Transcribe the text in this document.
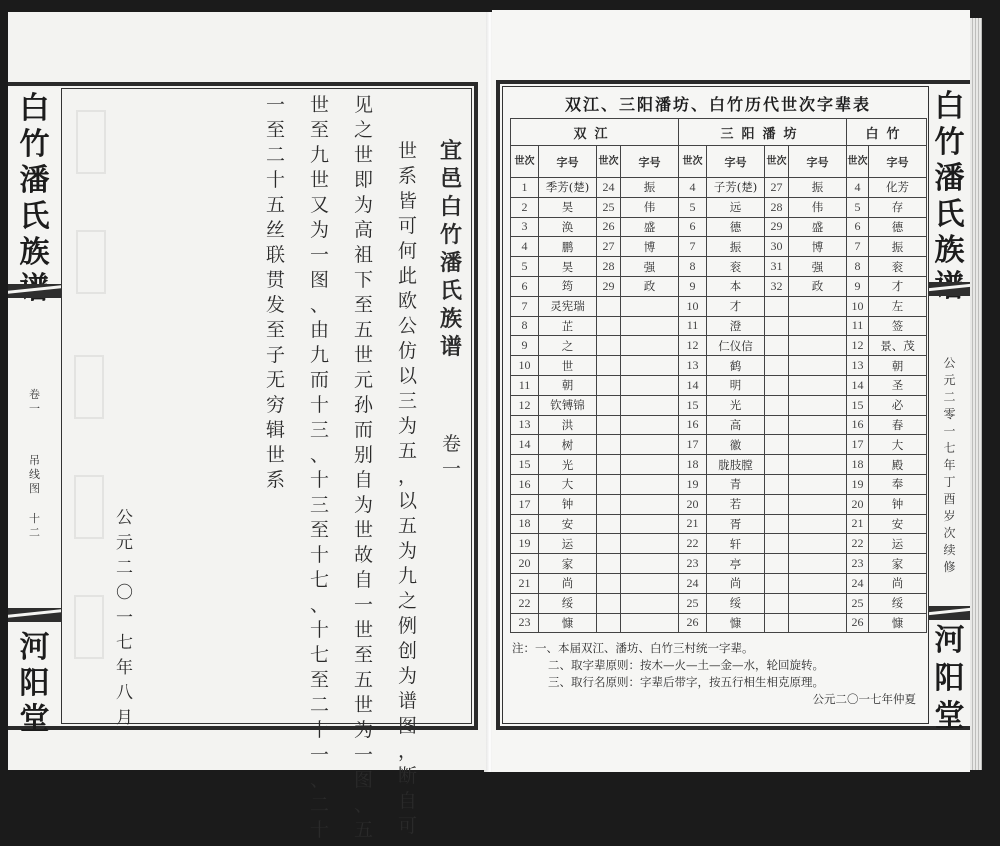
白
竹
潘
氏
族
卷
一
吊
线
图
十
二
河
阳
堂
宜
邑
白
竹
潘
氏
族
谱
卷
一
世
系
皆
可
何
此
欧
公
仿
以
三
为
五
，
以
五
为
九
之
例
创
为
谱
图
，
断
自
可
见
之
世
即
为
高
祖
下
至
五
世
元
孙
而
别
自
为
世
故
自
一
世
至
五
世
为
一
图
、
五
世
至
九
世
又
为
一
图
、
由
九
而
十
三
、
十
三
至
十
七
、
十
七
至
二
十
一
、
二
十
一
至
二
十
五
丝
联
贯
发
至
子
无
穷
辑
世
系
公
元
二
〇
一
七
年
八
月
双江、三阳潘坊、白竹历代世次字辈表
双江				三阳潘坊				白竹	
世次	字号	世次	字号	世次	字号	世次	字号	世次	字号
1	季芳(楚)	24	振	4	子芳(楚)	27	振	4	化芳
2	昊	25	伟	5	远	28	伟	5	存
3	涣	26	盛	6	德	29	盛	6	德
4	鹏	27	博	7	振	30	博	7	振
5	昊	28	强	8	衮	31	强	8	衮
6	筠	29	政	9	本	32	政	9	才
7	灵宪瑞			10	才			10	左
8	芷			11	澄			11	签
9	之			12	仁仪信			12	景、茂
10	世			13	鹤			13	朝
11	朝			14	明			14	圣
12	钦镈锦			15	光			15	必
13	洪			16	高			16	春
14	树			17	徽			17	大
15	光			18	胧肢膛			18	殿
16	大			19	青			19	奉
17	钟			20	若			20	钟
18	安			21	胥			21	安
19	运			22	轩			22	运
20	家			23	亭			23	家
21	尚			24	尚			24	尚
22	绥			25	绥			25	绥
23	慷			26	慷			26	慷
注：一、本届双江、潘坊、白竹三村统一字辈。
二、取字辈原则：按木—火—土—金—水，轮回旋转。
三、取行名原则：字辈后带字，按五行相生相克原理。
公元二〇一七年仲夏
白
竹
潘
氏
族
公
元
二
零
一
七
年
丁
酉
岁
次
续
修
河
阳
堂
